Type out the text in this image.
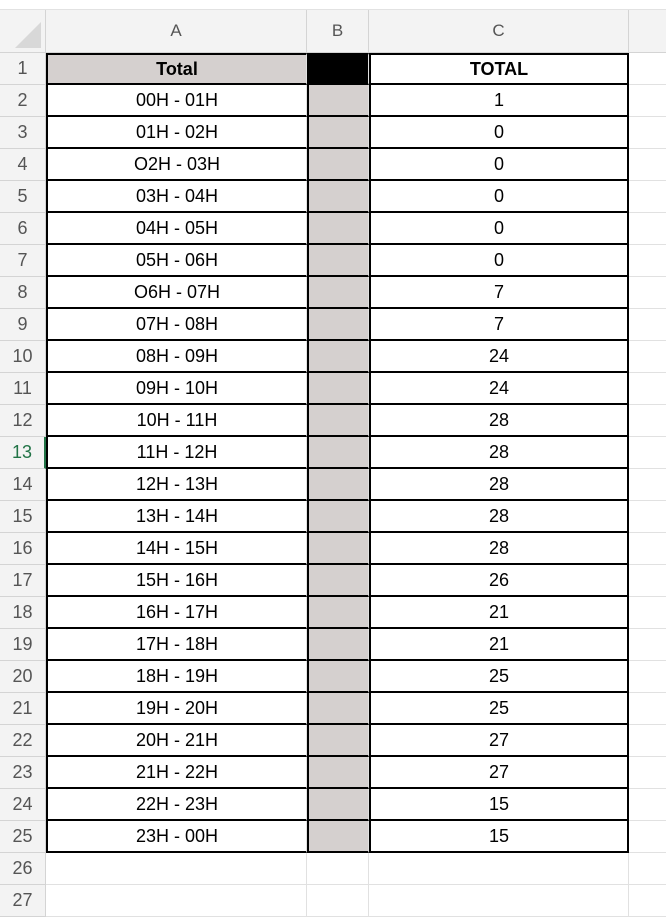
A	B	C
1	Total	TOTAL
2	00H - 01H	1
3	01H - 02H	0
4	O2H - 03H	0
5	03H - 04H	0
6	04H - 05H	0
7	05H - 06H	0
8	O6H - 07H	7
9	07H - 08H	7
10	08H - 09H	24
11	09H - 10H	24
12	10H - 11H	28
13	11H - 12H	28
14	12H - 13H	28
15	13H - 14H	28
16	14H - 15H	28
17	15H - 16H	26
18	16H - 17H	21
19	17H - 18H	21
20	18H - 19H	25
21	19H - 20H	25
22	20H - 21H	27
23	21H - 22H	27
24	22H - 23H	15
25	23H - 00H	15
26
27
